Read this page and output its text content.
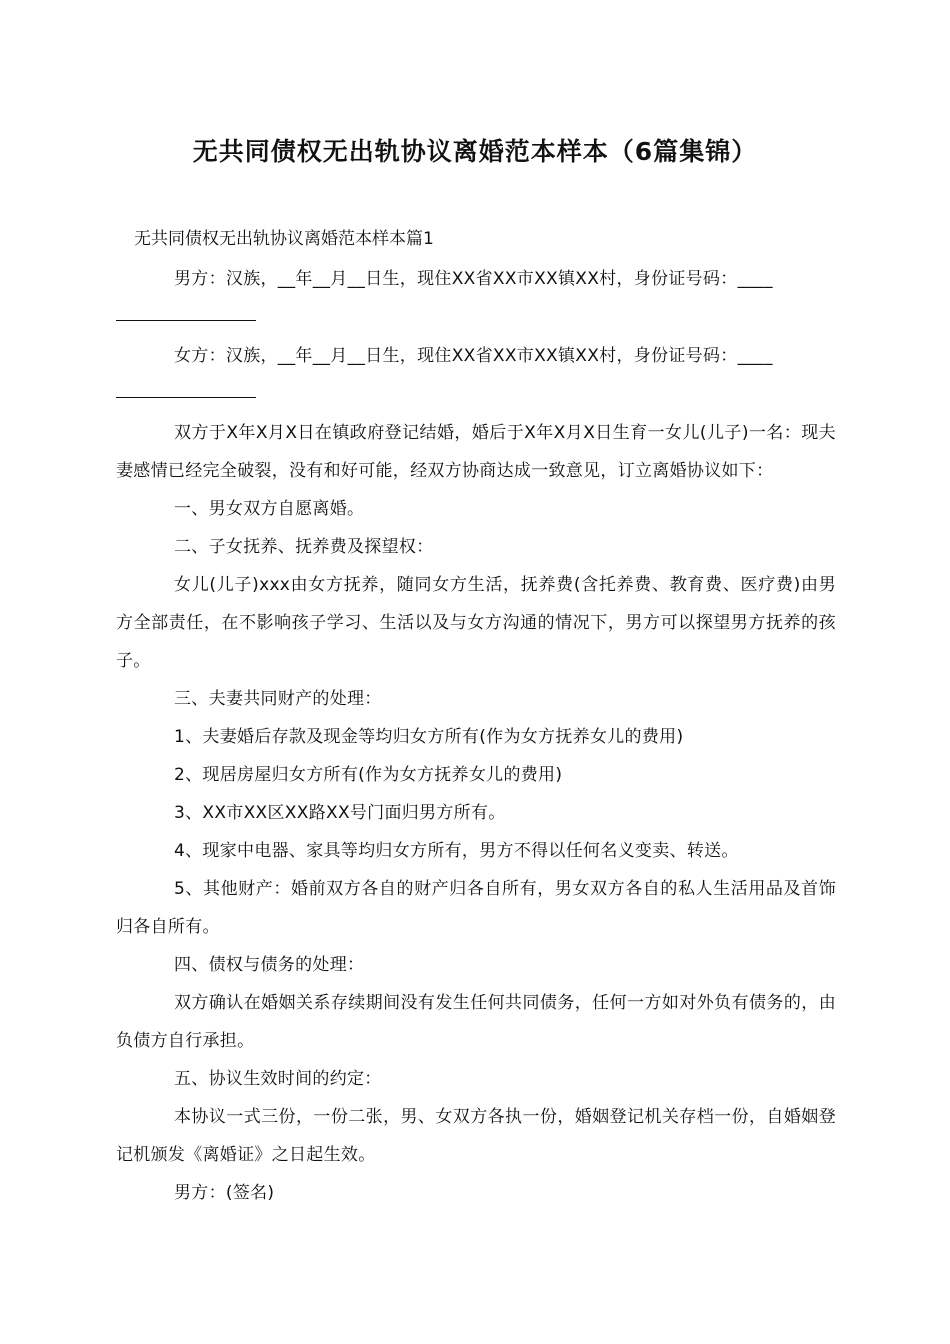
无共同债权无出轨协议离婚范本样本（6篇集锦）
无共同债权无出轨协议离婚范本样本篇1

男方：汉族，__年__月__日生，现住XX省XX市XX镇XX村，身份证号码：____

女方：汉族，__年__月__日生，现住XX省XX市XX镇XX村，身份证号码：____

双方于X年X月X日在镇政府登记结婚，婚后于X年X月X日生育一女儿(儿子)一名：现夫妻感情已经完全破裂，没有和好可能，经双方协商达成一致意见，订立离婚协议如下：

一、男女双方自愿离婚。

二、子女抚养、抚养费及探望权：

女儿(儿子)xxx由女方抚养，随同女方生活，抚养费(含托养费、教育费、医疗费)由男方全部责任，在不影响孩子学习、生活以及与女方沟通的情况下，男方可以探望男方抚养的孩子。

三、夫妻共同财产的处理：

1、夫妻婚后存款及现金等均归女方所有(作为女方抚养女儿的费用)

2、现居房屋归女方所有(作为女方抚养女儿的费用)

3、XX市XX区XX路XX号门面归男方所有。

4、现家中电器、家具等均归女方所有，男方不得以任何名义变卖、转送。

5、其他财产：婚前双方各自的财产归各自所有，男女双方各自的私人生活用品及首饰归各自所有。

四、债权与债务的处理：

双方确认在婚姻关系存续期间没有发生任何共同债务，任何一方如对外负有债务的，由负债方自行承担。

五、协议生效时间的约定：

本协议一式三份，一份二张，男、女双方各执一份，婚姻登记机关存档一份，自婚姻登记机颁发《离婚证》之日起生效。

男方：(签名)
